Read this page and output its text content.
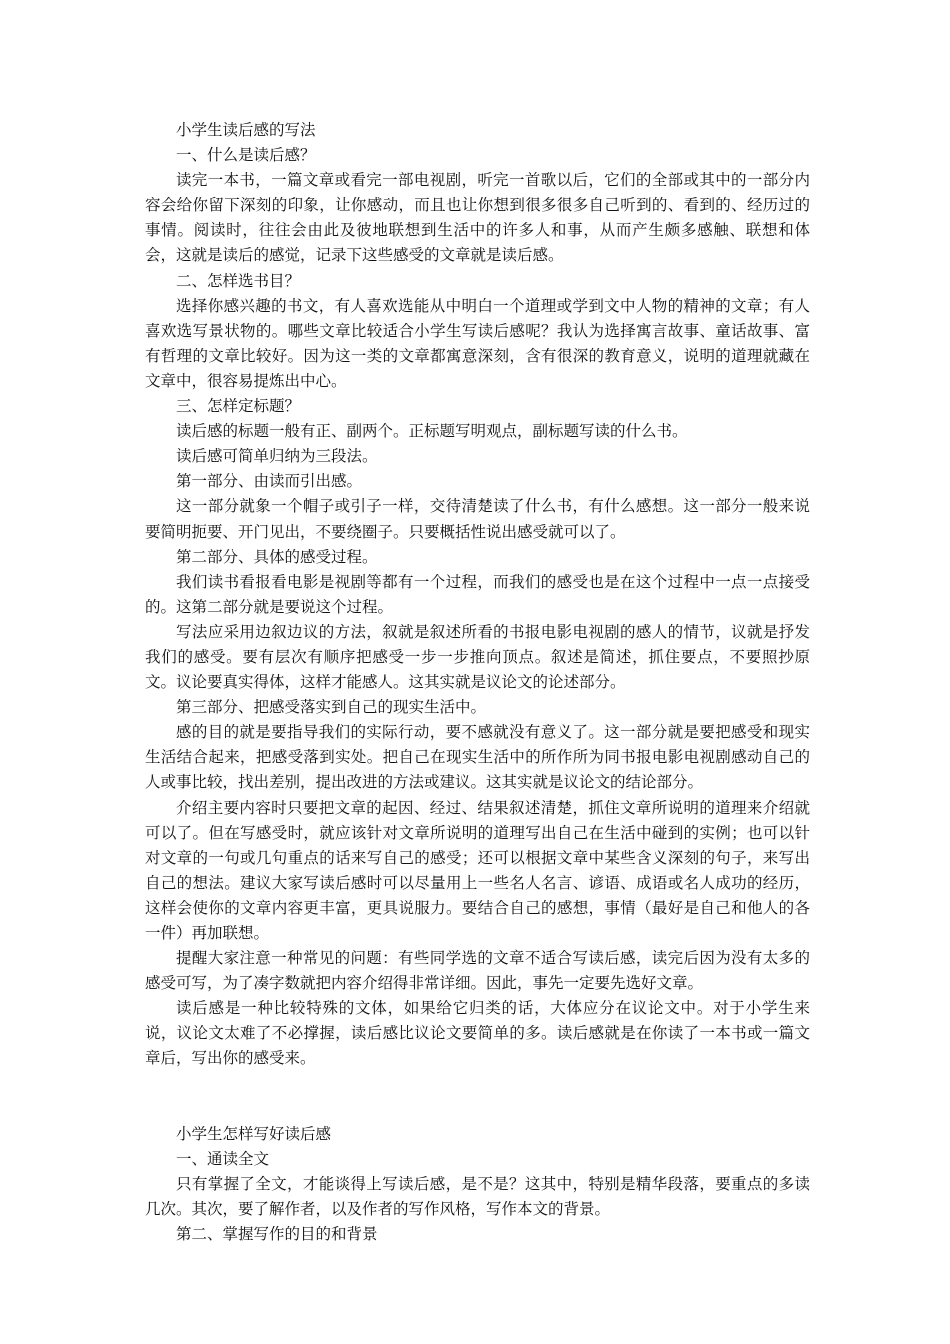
小学生读后感的写法

一、什么是读后感？

读完一本书，一篇文章或看完一部电视剧，听完一首歌以后，它们的全部或其中的一部分内容会给你留下深刻的印象，让你感动，而且也让你想到很多很多自己听到的、看到的、经历过的事情。阅读时，往往会由此及彼地联想到生活中的许多人和事，从而产生颇多感触、联想和体会，这就是读后的感觉，记录下这些感受的文章就是读后感。

二、怎样选书目？

选择你感兴趣的书文，有人喜欢选能从中明白一个道理或学到文中人物的精神的文章；有人喜欢选写景状物的。哪些文章比较适合小学生写读后感呢？我认为选择寓言故事、童话故事、富有哲理的文章比较好。因为这一类的文章都寓意深刻，含有很深的教育意义，说明的道理就藏在文章中，很容易提炼出中心。

三、怎样定标题？

读后感的标题一般有正、副两个。正标题写明观点，副标题写读的什么书。

读后感可简单归纳为三段法。

第一部分、由读而引出感。

这一部分就象一个帽子或引子一样，交待清楚读了什么书，有什么感想。这一部分一般来说要简明扼要、开门见出，不要绕圈子。只要概括性说出感受就可以了。

第二部分、具体的感受过程。

我们读书看报看电影是视剧等都有一个过程，而我们的感受也是在这个过程中一点一点接受的。这第二部分就是要说这个过程。

写法应采用边叙边议的方法，叙就是叙述所看的书报电影电视剧的感人的情节，议就是抒发我们的感受。要有层次有顺序把感受一步一步推向顶点。叙述是简述，抓住要点，不要照抄原文。议论要真实得体，这样才能感人。这其实就是议论文的论述部分。

第三部分、把感受落实到自己的现实生活中。

感的目的就是要指导我们的实际行动，要不感就没有意义了。这一部分就是要把感受和现实生活结合起来，把感受落到实处。把自己在现实生活中的所作所为同书报电影电视剧感动自己的人或事比较，找出差别，提出改进的方法或建议。这其实就是议论文的结论部分。

介绍主要内容时只要把文章的起因、经过、结果叙述清楚，抓住文章所说明的道理来介绍就可以了。但在写感受时，就应该针对文章所说明的道理写出自己在生活中碰到的实例；也可以针对文章的一句或几句重点的话来写自己的感受；还可以根据文章中某些含义深刻的句子，来写出自己的想法。建议大家写读后感时可以尽量用上一些名人名言、谚语、成语或名人成功的经历，这样会使你的文章内容更丰富，更具说服力。要结合自己的感想，事情（最好是自己和他人的各一件）再加联想。

提醒大家注意一种常见的问题：有些同学选的文章不适合写读后感，读完后因为没有太多的感受可写，为了凑字数就把内容介绍得非常详细。因此，事先一定要先选好文章。

读后感是一种比较特殊的文体，如果给它归类的话，大体应分在议论文中。对于小学生来说，议论文太难了不必撑握，读后感比议论文要简单的多。读后感就是在你读了一本书或一篇文章后，写出你的感受来。

小学生怎样写好读后感

一、通读全文

只有掌握了全文，才能谈得上写读后感，是不是？这其中，特别是精华段落，要重点的多读几次。其次，要了解作者，以及作者的写作风格，写作本文的背景。

第二、掌握写作的目的和背景
